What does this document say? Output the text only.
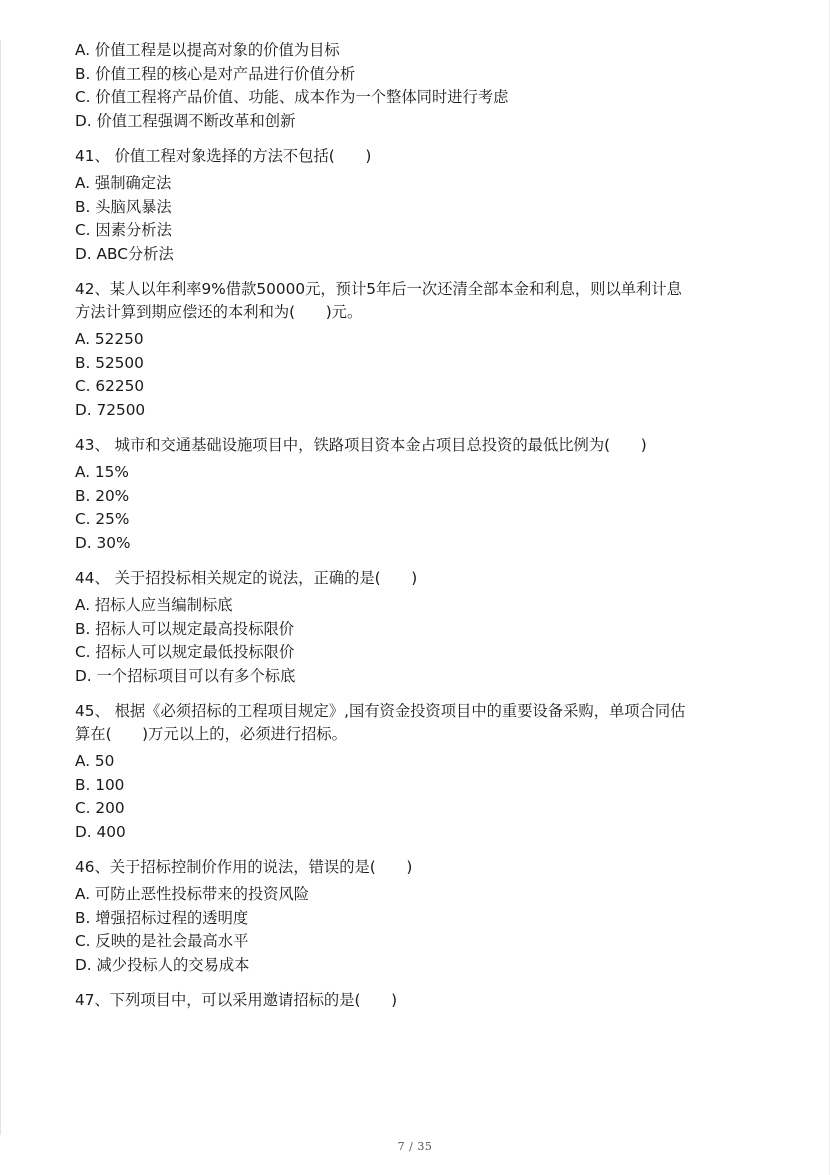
A. 价值工程是以提高对象的价值为目标
B. 价值工程的核心是对产品进行价值分析
C. 价值工程将产品价值、功能、成本作为一个整体同时进行考虑
D. 价值工程强调不断改革和创新
41、 价值工程对象选择的方法不包括(　　)
A. 强制确定法
B. 头脑风暴法
C. 因素分析法
D. ABC分析法
42、某人以年利率9%借款50000元，预计5年后一次还清全部本金和利息，则以单利计息
方法计算到期应偿还的本利和为(　　)元。
A. 52250
B. 52500
C. 62250
D. 72500
43、 城市和交通基础设施项目中，铁路项目资本金占项目总投资的最低比例为(　　)
A. 15%
B. 20%
C. 25%
D. 30%
44、 关于招投标相关规定的说法，正确的是(　　)
A. 招标人应当编制标底
B. 招标人可以规定最高投标限价
C. 招标人可以规定最低投标限价
D. 一个招标项目可以有多个标底
45、 根据《必须招标的工程项目规定》,国有资金投资项目中的重要设备采购，单项合同估
算在(　　)万元以上的，必须进行招标。
A. 50
B. 100
C. 200
D. 400
46、关于招标控制价作用的说法，错误的是(　　)
A. 可防止恶性投标带来的投资风险
B. 增强招标过程的透明度
C. 反映的是社会最高水平
D. 减少投标人的交易成本
47、下列项目中，可以采用邀请招标的是(　　)
7 / 35
